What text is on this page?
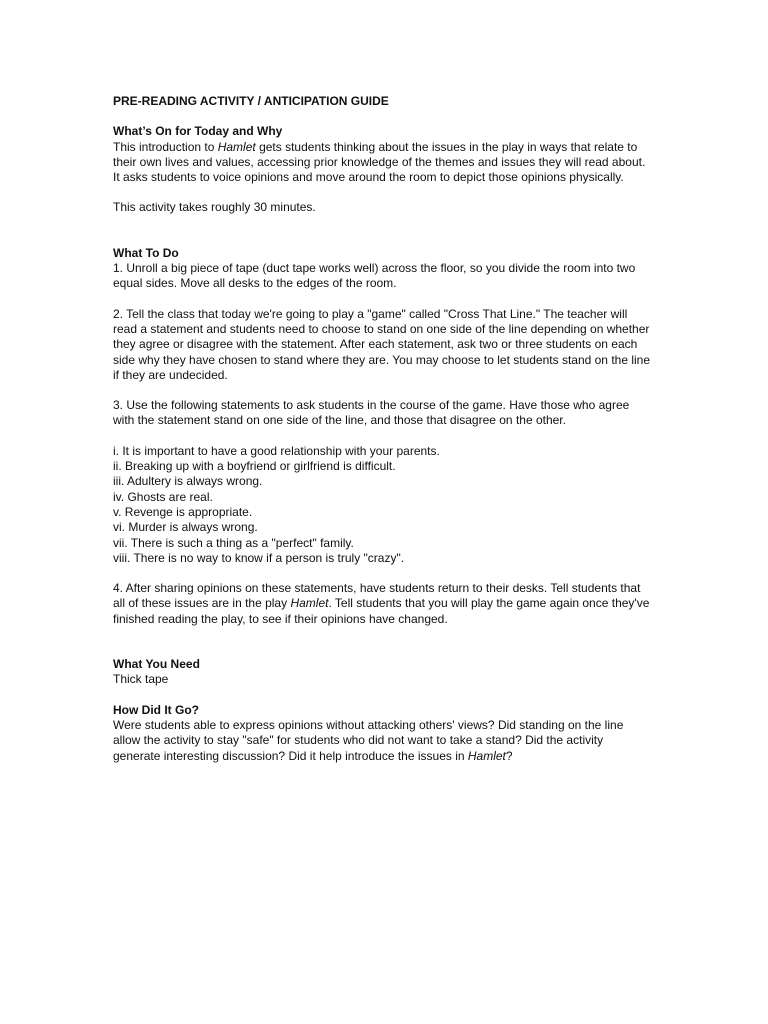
PRE-READING ACTIVITY / ANTICIPATION GUIDE

What’s On for Today and Why

This introduction to Hamlet gets students thinking about the issues in the play in ways that relate to their own lives and values, accessing prior knowledge of the themes and issues they will read about. It asks students to voice opinions and move around the room to depict those opinions physically.

This activity takes roughly 30 minutes.

What To Do

1. Unroll a big piece of tape (duct tape works well) across the floor, so you divide the room into two equal sides. Move all desks to the edges of the room.

2. Tell the class that today we're going to play a "game" called "Cross That Line." The teacher will read a statement and students need to choose to stand on one side of the line depending on whether they agree or disagree with the statement. After each statement, ask two or three students on each side why they have chosen to stand where they are. You may choose to let students stand on the line if they are undecided.

3. Use the following statements to ask students in the course of the game. Have those who agree with the statement stand on one side of the line, and those that disagree on the other.

i. It is important to have a good relationship with your parents.
ii. Breaking up with a boyfriend or girlfriend is difficult.
iii. Adultery is always wrong.
iv. Ghosts are real.
v. Revenge is appropriate.
vi. Murder is always wrong.
vii. There is such a thing as a "perfect" family.
viii. There is no way to know if a person is truly "crazy".

4. After sharing opinions on these statements, have students return to their desks. Tell students that all of these issues are in the play Hamlet. Tell students that you will play the game again once they've finished reading the play, to see if their opinions have changed.

What You Need

Thick tape

How Did It Go?

Were students able to express opinions without attacking others' views? Did standing on the line allow the activity to stay "safe" for students who did not want to take a stand? Did the activity generate interesting discussion? Did it help introduce the issues in Hamlet?
